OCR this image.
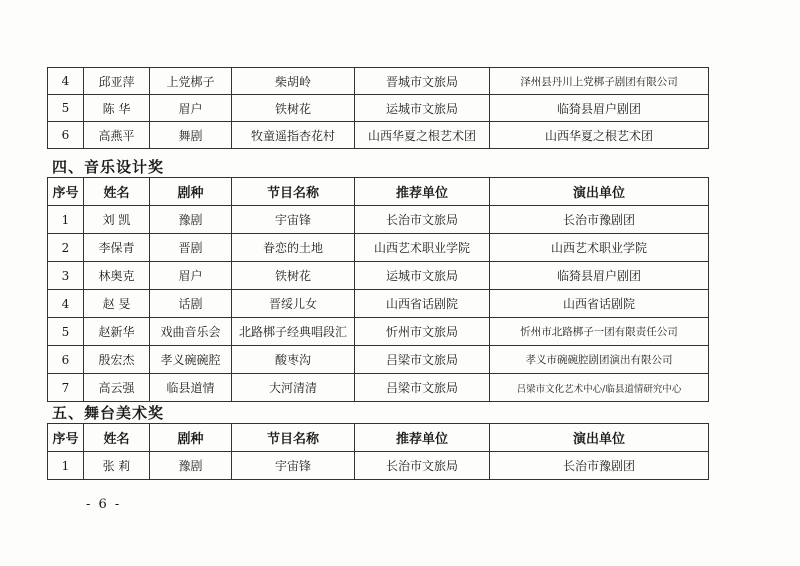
4	邱亚萍	上党梆子	柴胡岭	晋城市文旅局	泽州县丹川上党梆子剧团有限公司
5	陈 华	眉户	铁树花	运城市文旅局	临猗县眉户剧团
6	高燕平	舞剧	牧童遥指杏花村	山西华夏之根艺术团	山西华夏之根艺术团
四、音乐设计奖
序号	姓名	剧种	节目名称	推荐单位	演出单位
1	刘 凯	豫剧	宇宙锋	长治市文旅局	长治市豫剧团
2	李保青	晋剧	眷恋的土地	山西艺术职业学院	山西艺术职业学院
3	林奥克	眉户	铁树花	运城市文旅局	临猗县眉户剧团
4	赵 旻	话剧	晋绥儿女	山西省话剧院	山西省话剧院
5	赵新华	戏曲音乐会	北路梆子经典唱段汇	忻州市文旅局	忻州市北路梆子一团有限责任公司
6	殷宏杰	孝义碗碗腔	酸枣沟	吕梁市文旅局	孝义市碗碗腔剧团演出有限公司
7	高云强	临县道情	大河清清	吕梁市文旅局	吕梁市文化艺术中心/临县道情研究中心
五、舞台美术奖
序号	姓名	剧种	节目名称	推荐单位	演出单位
1	张 莉	豫剧	宇宙锋	长治市文旅局	长治市豫剧团
- 6 -
